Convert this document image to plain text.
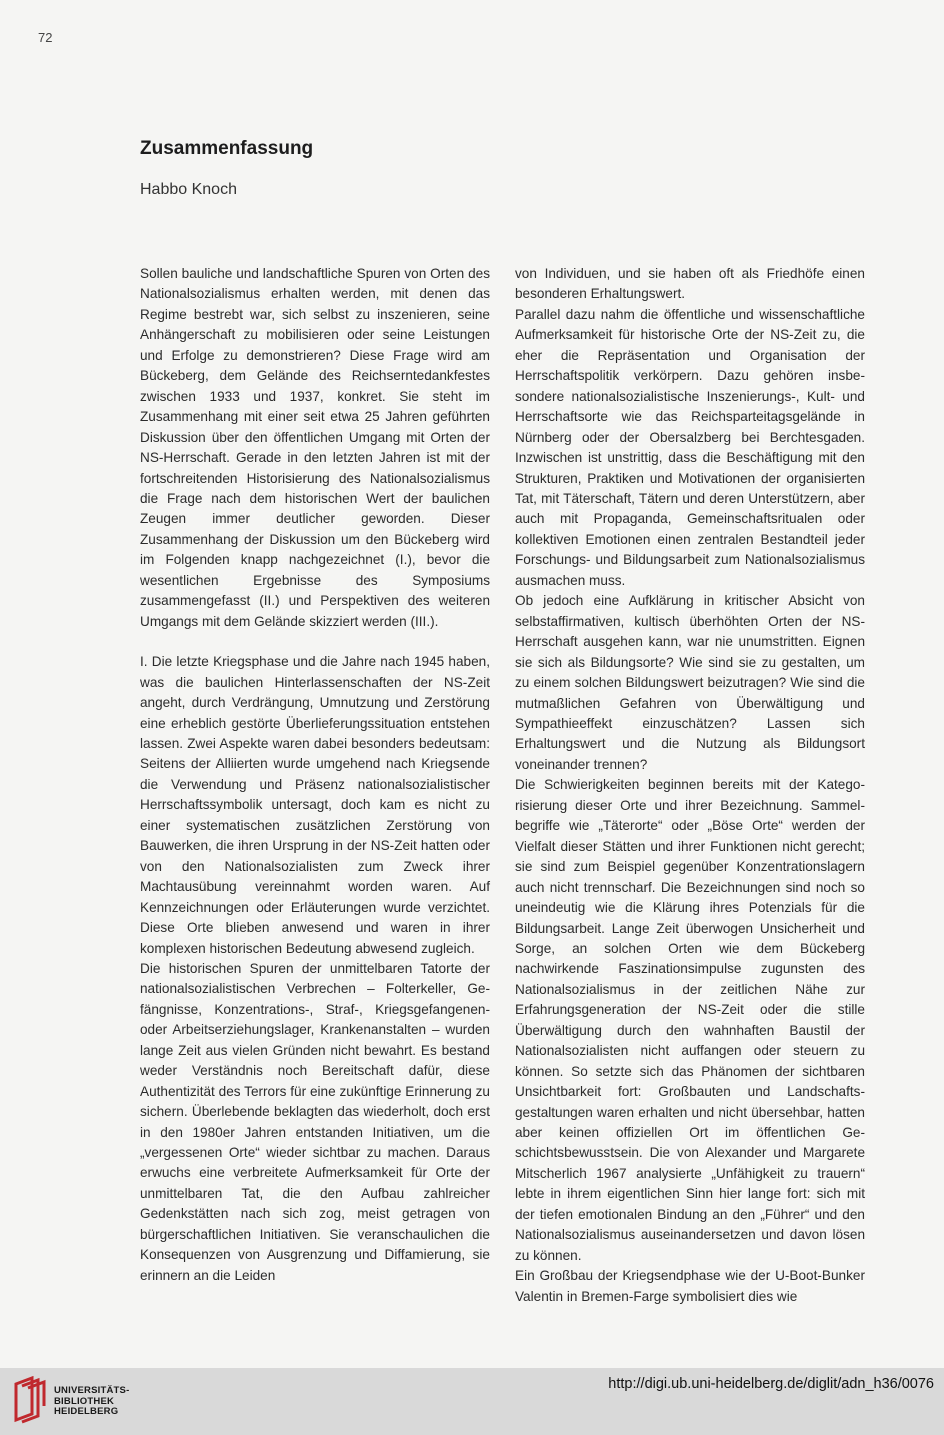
72
Zusammenfassung
Habbo Knoch

Sollen bauliche und landschaftliche Spuren von Orten des Nationalsozialismus erhalten werden, mit denen das Regime bestrebt war, sich selbst zu inszenieren, seine Anhängerschaft zu mobilisieren oder seine Leistungen und Erfolge zu demonstrieren? Diese Frage wird am Bückeberg, dem Gelände des Reichserntedankfestes zwischen 1933 und 1937, konkret. Sie steht im Zusammenhang mit einer seit etwa 25 Jahren geführten Diskussion über den öffentlichen Umgang mit Orten der NS-Herrschaft. Gerade in den letzten Jahren ist mit der fortschreitenden Historisierung des Nationalsozialismus die Frage nach dem historischen Wert der baulichen Zeugen immer deutlicher geworden. Dieser Zusammenhang der Diskussion um den Bückeberg wird im Folgenden knapp nachgezeichnet (I.), bevor die wesentlichen Ergebnisse des Symposiums zusammengefasst (II.) und Perspektiven des weiteren Umgangs mit dem Gelände skizziert werden (III.).

I. Die letzte Kriegsphase und die Jahre nach 1945 haben, was die baulichen Hinterlassenschaften der NS-Zeit angeht, durch Verdrängung, Umnutzung und Zerstörung eine erheblich gestörte Überlieferungssituation entstehen lassen. Zwei Aspekte waren dabei besonders bedeutsam: Seitens der Alliierten wurde umgehend nach Kriegsende die Verwendung und Präsenz nationalsozialistischer Herrschaftssymbolik untersagt, doch kam es nicht zu einer systematischen zusätzlichen Zerstörung von Bauwerken, die ihren Ursprung in der NS-Zeit hatten oder von den Nationalsozialisten zum Zweck ihrer Machtausübung vereinnahmt worden waren. Auf Kennzeichnungen oder Erläuterungen wurde verzichtet. Diese Orte blieben anwesend und waren in ihrer komplexen historischen Bedeutung abwesend zugleich.

Die historischen Spuren der unmittelbaren Tatorte der nationalsozialistischen Verbrechen – Folterkeller, Gefängnisse, Konzentrations-, Straf-, Kriegsgefangenen- oder Arbeitserziehungslager, Krankenanstalten – wurden lange Zeit aus vielen Gründen nicht bewahrt. Es bestand weder Verständnis noch Bereitschaft dafür, diese Authentizität des Terrors für eine zukünftige Erinnerung zu sichern. Überlebende beklagten das wiederholt, doch erst in den 1980er Jahren entstanden Initiativen, um die „vergessenen Orte“ wieder sichtbar zu machen. Daraus erwuchs eine verbreitete Aufmerksamkeit für Orte der unmittelbaren Tat, die den Aufbau zahlreicher Gedenkstätten nach sich zog, meist getragen von bürgerschaftlichen Initiativen. Sie veranschaulichen die Konsequenzen von Ausgrenzung und Diffamierung, sie erinnern an die Leiden

von Individuen, und sie haben oft als Friedhöfe einen besonderen Erhaltungswert.

Parallel dazu nahm die öffentliche und wissenschaftliche Aufmerksamkeit für historische Orte der NS-Zeit zu, die eher die Repräsentation und Organisation der Herrschaftspolitik verkörpern. Dazu gehören insbesondere nationalsozialistische Inszenierungs-, Kult- und Herrschaftsorte wie das Reichsparteitagsgelände in Nürnberg oder der Obersalzberg bei Berchtesgaden. Inzwischen ist unstrittig, dass die Beschäftigung mit den Strukturen, Praktiken und Motivationen der organisierten Tat, mit Täterschaft, Tätern und deren Unterstützern, aber auch mit Propaganda, Gemeinschaftsritualen oder kollektiven Emotionen einen zentralen Bestandteil jeder Forschungs- und Bildungsarbeit zum Nationalsozialismus ausmachen muss.

Ob jedoch eine Aufklärung in kritischer Absicht von selbstaffirmativen, kultisch überhöhten Orten der NS-Herrschaft ausgehen kann, war nie unumstritten. Eignen sie sich als Bildungsorte? Wie sind sie zu gestalten, um zu einem solchen Bildungswert beizutragen? Wie sind die mutmaßlichen Gefahren von Überwältigung und Sympathieeffekt einzuschätzen? Lassen sich Erhaltungswert und die Nutzung als Bildungsort voneinander trennen?

Die Schwierigkeiten beginnen bereits mit der Kategorisierung dieser Orte und ihrer Bezeichnung. Sammelbegriffe wie „Täterorte“ oder „Böse Orte“ werden der Vielfalt dieser Stätten und ihrer Funktionen nicht gerecht; sie sind zum Beispiel gegenüber Konzentrationslagern auch nicht trennscharf. Die Bezeichnungen sind noch so uneindeutig wie die Klärung ihres Potenzials für die Bildungsarbeit. Lange Zeit überwogen Unsicherheit und Sorge, an solchen Orten wie dem Bückeberg nachwirkende Faszinationsimpulse zugunsten des Nationalsozialismus in der zeitlichen Nähe zur Erfahrungsgeneration der NS-Zeit oder die stille Überwältigung durch den wahnhaften Baustil der Nationalsozialisten nicht auffangen oder steuern zu können. So setzte sich das Phänomen der sichtbaren Unsichtbarkeit fort: Großbauten und Landschaftsgestaltungen waren erhalten und nicht übersehbar, hatten aber keinen offiziellen Ort im öffentlichen Geschichtsbewusstsein. Die von Alexander und Margarete Mitscherlich 1967 analysierte „Unfähigkeit zu trauern“ lebte in ihrem eigentlichen Sinn hier lange fort: sich mit der tiefen emotionalen Bindung an den „Führer“ und den Nationalsozialismus auseinandersetzen und davon lösen zu können.

Ein Großbau der Kriegsendphase wie der U-Boot-Bunker Valentin in Bremen-Farge symbolisiert dies wie

UNIVERSITÄTS-
BIBLIOTHEK
HEIDELBERG
http://digi.ub.uni-heidelberg.de/diglit/adn_h36/0076
